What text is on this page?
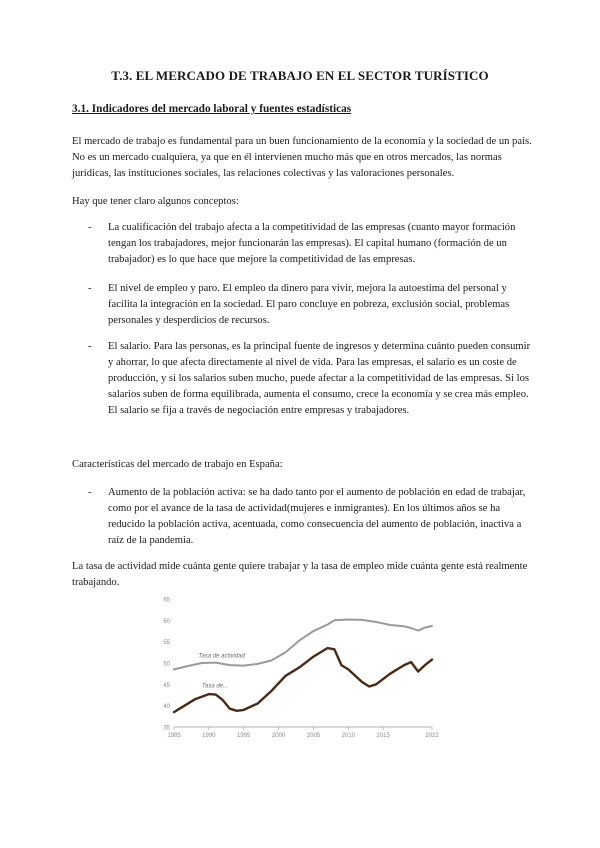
T.3. EL MERCADO DE TRABAJO EN EL SECTOR TURÍSTICO
3.1. Indicadores del mercado laboral y fuentes estadísticas
El mercado de trabajo es fundamental para un buen funcionamiento de la economía y la sociedad de un país. No es un mercado cualquiera, ya que en él intervienen mucho más que en otros mercados, las normas jurídicas, las instituciones sociales, las relaciones colectivas y las valoraciones personales.
Hay que tener claro algunos conceptos:
- La cualificación del trabajo afecta a la competitividad de las empresas (cuanto mayor formación tengan los trabajadores, mejor funcionarán las empresas). El capital humano (formación de un trabajador) es lo que hace que mejore la competitividad de las empresas.
- El nivel de empleo y paro. El empleo da dinero para vivir, mejora la autoestima del personal y facilita la integración en la sociedad. El paro concluye en pobreza, exclusión social, problemas personales y desperdicios de recursos.
- El salario. Para las personas, es la principal fuente de ingresos y determina cuánto pueden consumir y ahorrar, lo que afecta directamente al nivel de vida. Para las empresas, el salario es un coste de producción, y si los salarios suben mucho, puede afectar a la competitividad de las empresas. Si los salarios suben de forma equilibrada, aumenta el consumo, crece la economía y se crea más empleo. El salario se fija a través de negociación entre empresas y trabajadores.
Características del mercado de trabajo en España:
- Aumento de la población activa: se ha dado tanto por el aumento de población en edad de trabajar, como por el avance de la tasa de actividad(mujeres e inmigrantes). En los últimos años se ha reducido la población activa, acentuada, como consecuencia del aumento de población, inactiva a raíz de la pandemia.
La tasa de actividad mide cuánta gente quiere trabajar y la tasa de empleo mide cuánta gente está realmente trabajando.
65
60
55
50
45
40
35
1985	1990	1995	2000	2005	2010	2015	2022
Tasa de actividad
Tasa de...
